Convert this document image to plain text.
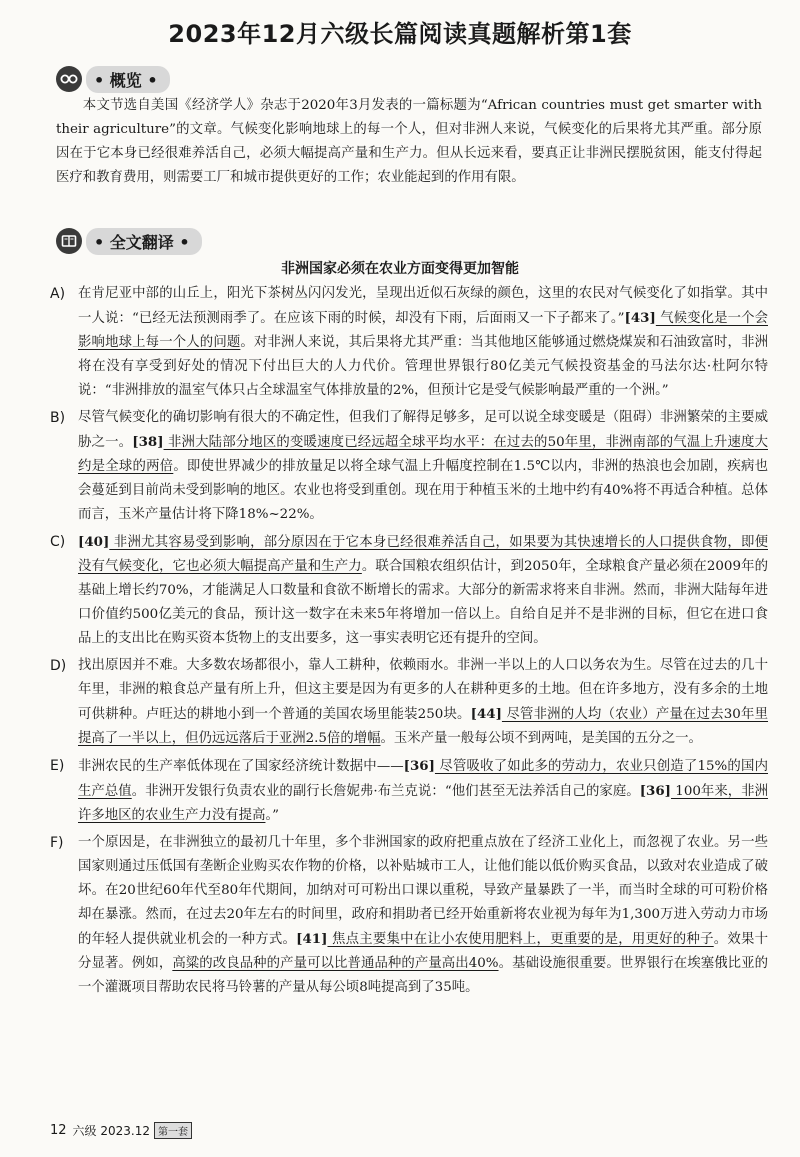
2023年12月六级长篇阅读真题解析第1套
• 概览 •
本文节选自美国《经济学人》杂志于2020年3月发表的一篇标题为“African countries must get smarter with their agriculture”的文章。气候变化影响地球上的每一个人，但对非洲人来说，气候变化的后果将尤其严重。部分原因在于它本身已经很难养活自己，必须大幅提高产量和生产力。但从长远来看，要真正让非洲民摆脱贫困，能支付得起医疗和教育费用，则需要工厂和城市提供更好的工作；农业能起到的作用有限。
• 全文翻译 •
非洲国家必须在农业方面变得更加智能
A) 在肯尼亚中部的山丘上，阳光下茶树丛闪闪发光，呈现出近似石灰绿的颜色，这里的农民对气候变化了如指掌。其中一人说：“已经无法预测雨季了。在应该下雨的时候，却没有下雨，后面雨又一下子都来了。”[43] 气候变化是一个会影响地球上每一个人的问题。对非洲人来说，其后果将尤其严重：当其他地区能够通过燃烧煤炭和石油致富时，非洲将在没有享受到好处的情况下付出巨大的人力代价。管理世界银行80亿美元气候投资基金的马法尔达·杜阿尔特说：“非洲排放的温室气体只占全球温室气体排放量的2%，但预计它是受气候影响最严重的一个洲。”
B) 尽管气候变化的确切影响有很大的不确定性，但我们了解得足够多，足可以说全球变暖是（阻碍）非洲繁荣的主要威胁之一。[38] 非洲大陆部分地区的变暖速度已经远超全球平均水平：在过去的50年里，非洲南部的气温上升速度大约是全球的两倍。即使世界减少的排放量足以将全球气温上升幅度控制在1.5℃以内，非洲的热浪也会加剧，疾病也会蔓延到目前尚未受到影响的地区。农业也将受到重创。现在用于种植玉米的土地中约有40%将不再适合种植。总体而言，玉米产量估计将下降18%~22%。
C) [40] 非洲尤其容易受到影响，部分原因在于它本身已经很难养活自己，如果要为其快速增长的人口提供食物，即便没有气候变化，它也必须大幅提高产量和生产力。联合国粮农组织估计，到2050年，全球粮食产量必须在2009年的基础上增长约70%，才能满足人口数量和食欲不断增长的需求。大部分的新需求将来自非洲。然而，非洲大陆每年进口价值约500亿美元的食品，预计这一数字在未来5年将增加一倍以上。自给自足并不是非洲的目标，但它在进口食品上的支出比在购买资本货物上的支出要多，这一事实表明它还有提升的空间。
D) 找出原因并不难。大多数农场都很小，靠人工耕种，依赖雨水。非洲一半以上的人口以务农为生。尽管在过去的几十年里，非洲的粮食总产量有所上升，但这主要是因为有更多的人在耕种更多的土地。但在许多地方，没有多余的土地可供耕种。卢旺达的耕地小到一个普通的美国农场里能装250块。[44] 尽管非洲的人均（农业）产量在过去30年里提高了一半以上，但仍远远落后于亚洲2.5倍的增幅。玉米产量一般每公顷不到两吨，是美国的五分之一。
E)	非洲农民的生产率低体现在了国家经济统计数据中——[36] 尽管吸收了如此多的劳动力，农业只创造了15%的国内生产总值。非洲开发银行负责农业的副行长詹妮弗·布兰克说：“他们甚至无法养活自己的家庭。[36] 100年来，非洲许多地区的农业生产力没有提高。”
F)	一个原因是，在非洲独立的最初几十年里，多个非洲国家的政府把重点放在了经济工业化上，而忽视了农业。另一些国家则通过压低国有垄断企业购买农作物的价格，以补贴城市工人，让他们能以低价购买食品，以致对农业造成了破坏。在20世纪60年代至80年代期间，加纳对可可粉出口课以重税，导致产量暴跌了一半，而当时全球的可可粉价格却在暴涨。然而，在过去20年左右的时间里，政府和捐助者已经开始重新将农业视为每年为1,300万进入劳动力市场的年轻人提供就业机会的一种方式。[41] 焦点主要集中在让小农使用肥料上，更重要的是，用更好的种子。效果十分显著。例如，高粱的改良品种的产量可以比普通品种的产量高出40%。基础设施很重要。世界银行在埃塞俄比亚的一个灌溉项目帮助农民将马铃薯的产量从每公顷8吨提高到了35吨。
12 六级 2023.12 第一套
